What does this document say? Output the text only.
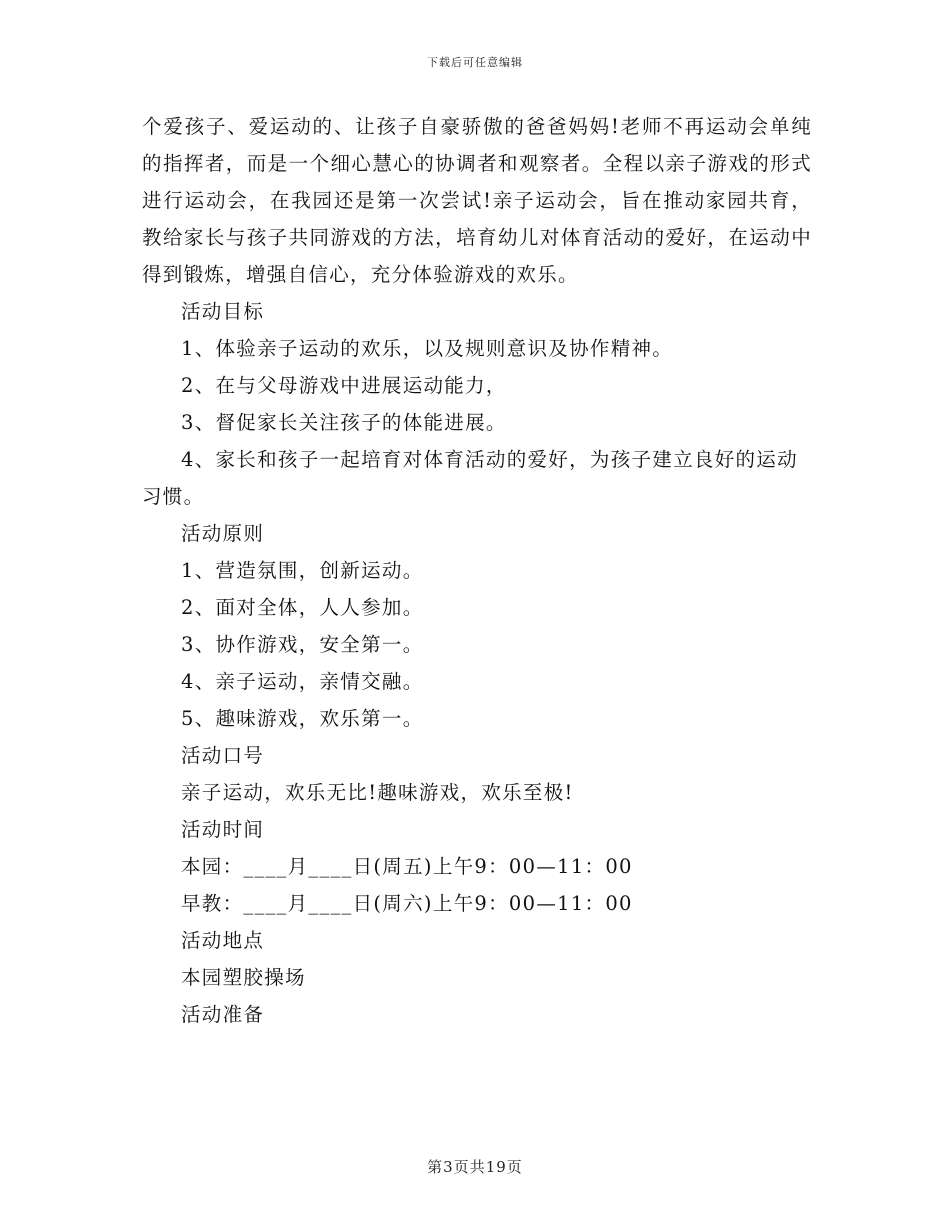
下载后可任意编辑

个爱孩子、爱运动的、让孩子自豪骄傲的爸爸妈妈!老师不再运动会单纯的指挥者，而是一个细心慧心的协调者和观察者。全程以亲子游戏的形式进行运动会，在我园还是第一次尝试!亲子运动会，旨在推动家园共育，教给家长与孩子共同游戏的方法，培育幼儿对体育活动的爱好，在运动中得到锻炼，增强自信心，充分体验游戏的欢乐。

活动目标

1、体验亲子运动的欢乐，以及规则意识及协作精神。

2、在与父母游戏中进展运动能力，

3、督促家长关注孩子的体能进展。

4、家长和孩子一起培育对体育活动的爱好，为孩子建立良好的运动习惯。

活动原则

1、营造氛围，创新运动。

2、面对全体，人人参加。

3、协作游戏，安全第一。

4、亲子运动，亲情交融。

5、趣味游戏，欢乐第一。

活动口号

亲子运动，欢乐无比!趣味游戏，欢乐至极!

活动时间

本园：____月____日(周五)上午9：00—11：00

早教：____月____日(周六)上午9：00—11：00

活动地点

本园塑胶操场

活动准备

第3页共19页
